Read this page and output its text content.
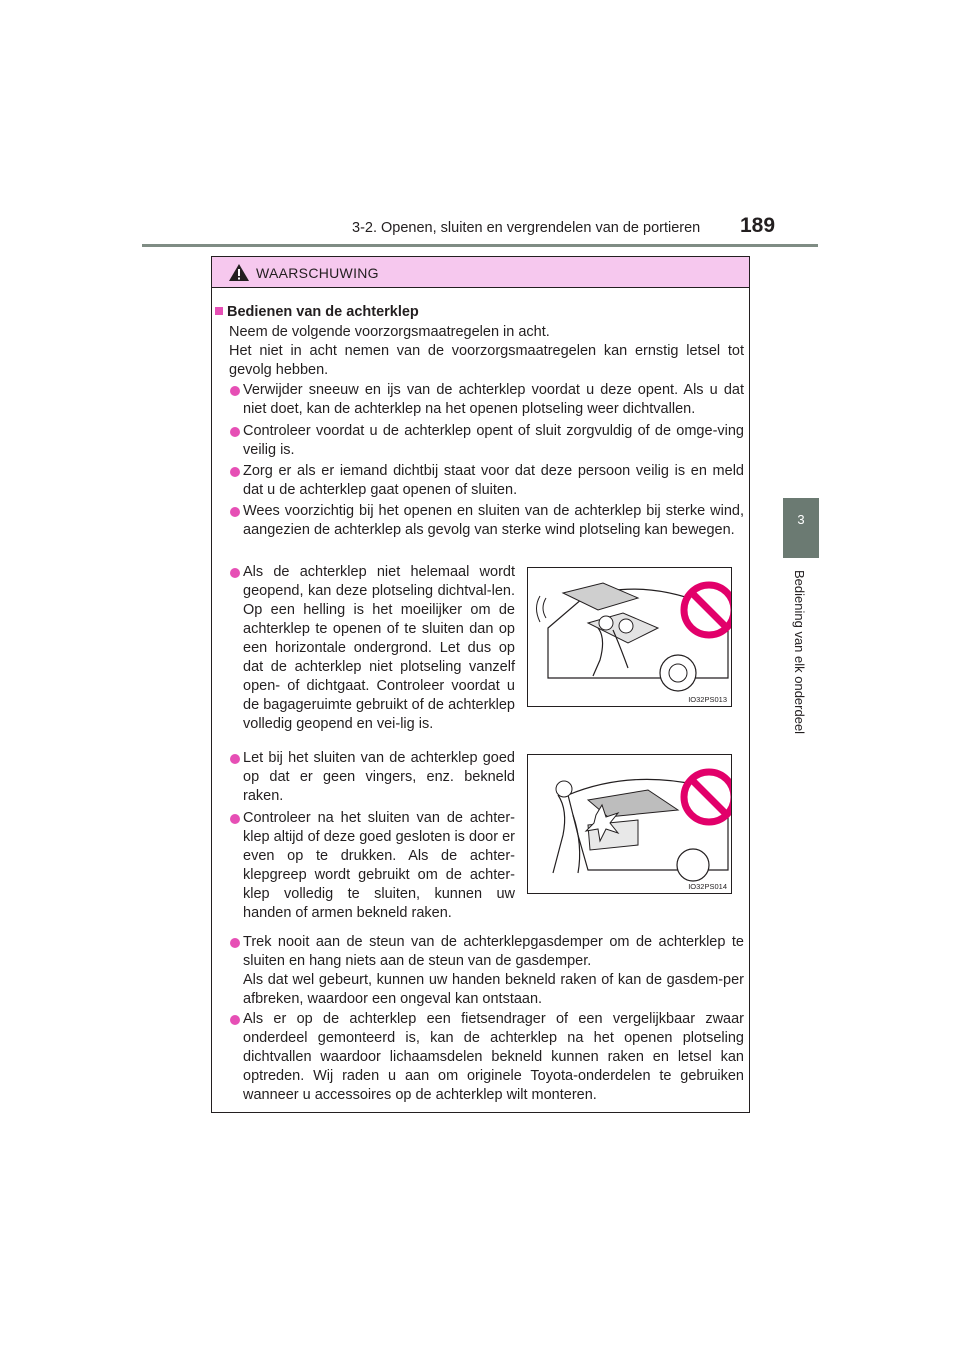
3-2. Openen, sluiten en vergrendelen van de portieren 189
3
Bediening van elk onderdeel
WAARSCHUWING
Bedienen van de achterklep
Neem de volgende voorzorgsmaatregelen in acht.
Het niet in acht nemen van de voorzorgsmaatregelen kan ernstig letsel tot gevolg hebben.
Verwijder sneeuw en ijs van de achterklep voordat u deze opent. Als u dat niet doet, kan de achterklep na het openen plotseling weer dichtvallen.
Controleer voordat u de achterklep opent of sluit zorgvuldig of de omge-ving veilig is.
Zorg er als er iemand dichtbij staat voor dat deze persoon veilig is en meld dat u de achterklep gaat openen of sluiten.
Wees voorzichtig bij het openen en sluiten van de achterklep bij sterke wind, aangezien de achterklep als gevolg van sterke wind plotseling kan bewegen.
Als de achterklep niet helemaal wordt geopend, kan deze plotseling dichtval-len. Op een helling is het moeilijker om de achterklep te openen of te sluiten dan op een horizontale ondergrond. Let dus op dat de achterklep niet plotseling vanzelf open- of dichtgaat. Controleer voordat u de bagageruimte gebruikt of de achterklep volledig geopend en vei-lig is.
Let bij het sluiten van de achterklep goed op dat er geen vingers, enz. bekneld raken.
Controleer na het sluiten van de achter-klep altijd of deze goed gesloten is door er even op te drukken. Als de achter-klepgreep wordt gebruikt om de achter-klep volledig te sluiten, kunnen uw handen of armen bekneld raken.
Trek nooit aan de steun van de achterklepgasdemper om de achterklep te sluiten en hang niets aan de steun van de gasdemper.
Als dat wel gebeurt, kunnen uw handen bekneld raken of kan de gasdem-per afbreken, waardoor een ongeval kan ontstaan.
Als er op de achterklep een fietsendrager of een vergelijkbaar zwaar onderdeel gemonteerd is, kan de achterklep na het openen plotseling dichtvallen waardoor lichaamsdelen bekneld kunnen raken en letsel kan optreden. Wij raden u aan om originele Toyota-onderdelen te gebruiken wanneer u accessoires op de achterklep wilt monteren.
IO32PS013
IO32PS014
